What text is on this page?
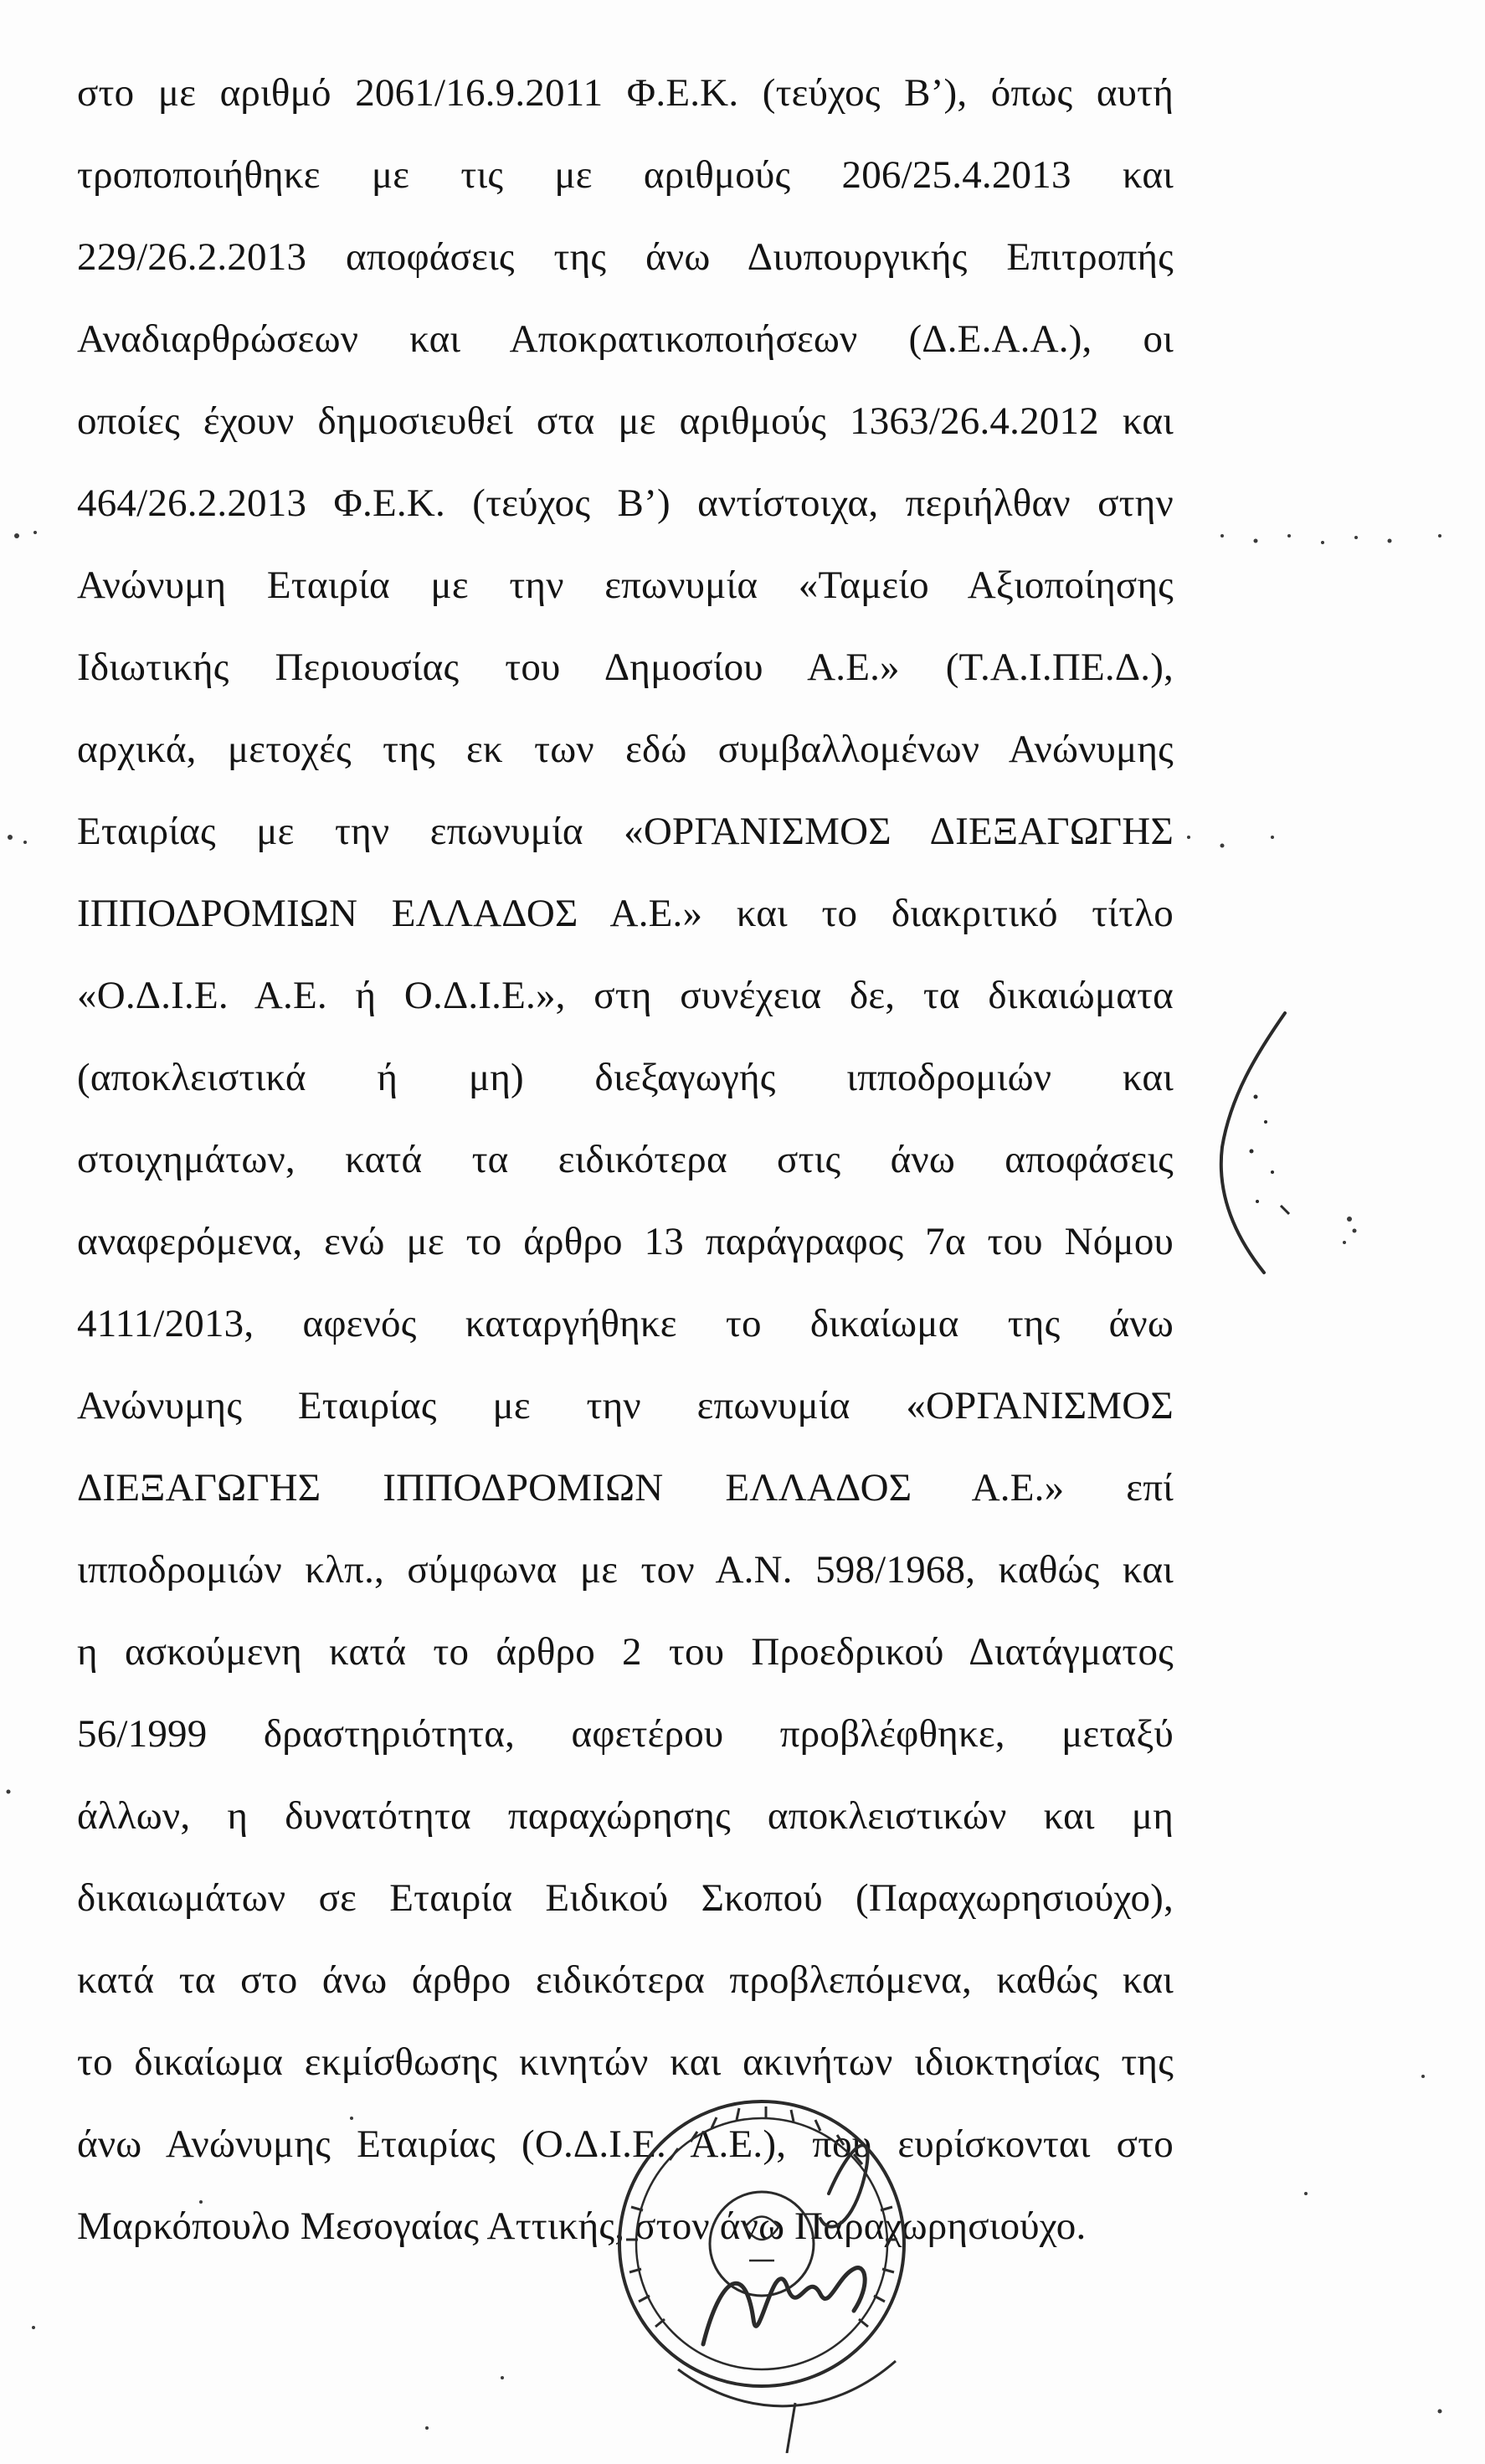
στο με αριθμό 2061/16.9.2011 Φ.Ε.Κ. (τεύχος Β’), όπως αυτή
τροποποιήθηκε με τις με αριθμούς 206/25.4.2013 και
229/26.2.2013 αποφάσεις της άνω Διυπουργικής Επιτροπής
Αναδιαρθρώσεων και Αποκρατικοποιήσεων (Δ.Ε.Α.Α.), οι
οποίες έχουν δημοσιευθεί στα με αριθμούς 1363/26.4.2012 και
464/26.2.2013 Φ.Ε.Κ. (τεύχος Β’) αντίστοιχα, περιήλθαν στην
Ανώνυμη Εταιρία με την επωνυμία «Ταμείο Αξιοποίησης
Ιδιωτικής Περιουσίας του Δημοσίου Α.Ε.» (Τ.Α.Ι.ΠΕ.Δ.),
αρχικά, μετοχές της εκ των εδώ συμβαλλομένων Ανώνυμης
Εταιρίας με την επωνυμία «ΟΡΓΑΝΙΣΜΟΣ ΔΙΕΞΑΓΩΓΗΣ
ΙΠΠΟΔΡΟΜΙΩΝ ΕΛΛΑΔΟΣ Α.Ε.» και το διακριτικό τίτλο
«Ο.Δ.Ι.Ε. Α.Ε. ή Ο.Δ.Ι.Ε.», στη συνέχεια δε, τα δικαιώματα
(αποκλειστικά ή μη) διεξαγωγής ιπποδρομιών και
στοιχημάτων, κατά τα ειδικότερα στις άνω αποφάσεις
αναφερόμενα, ενώ με το άρθρο 13 παράγραφος 7α του Νόμου
4111/2013, αφενός καταργήθηκε το δικαίωμα της άνω
Ανώνυμης Εταιρίας με την επωνυμία «ΟΡΓΑΝΙΣΜΟΣ
ΔΙΕΞΑΓΩΓΗΣ ΙΠΠΟΔΡΟΜΙΩΝ ΕΛΛΑΔΟΣ Α.Ε.» επί
ιπποδρομιών κλπ., σύμφωνα με τον Α.Ν. 598/1968, καθώς και
η ασκούμενη κατά το άρθρο 2 του Προεδρικού Διατάγματος
56/1999 δραστηριότητα, αφετέρου προβλέφθηκε, μεταξύ
άλλων, η δυνατότητα παραχώρησης αποκλειστικών και μη
δικαιωμάτων σε Εταιρία Ειδικού Σκοπού (Παραχωρησιούχο),
κατά τα στο άνω άρθρο ειδικότερα προβλεπόμενα, καθώς και
το δικαίωμα εκμίσθωσης κινητών και ακινήτων ιδιοκτησίας της
άνω Ανώνυμης Εταιρίας (Ο.Δ.Ι.Ε. Α.Ε.), που ευρίσκονται στο
Μαρκόπουλο Μεσογαίας Αττικής, στον άνω Παραχωρησιούχο.
